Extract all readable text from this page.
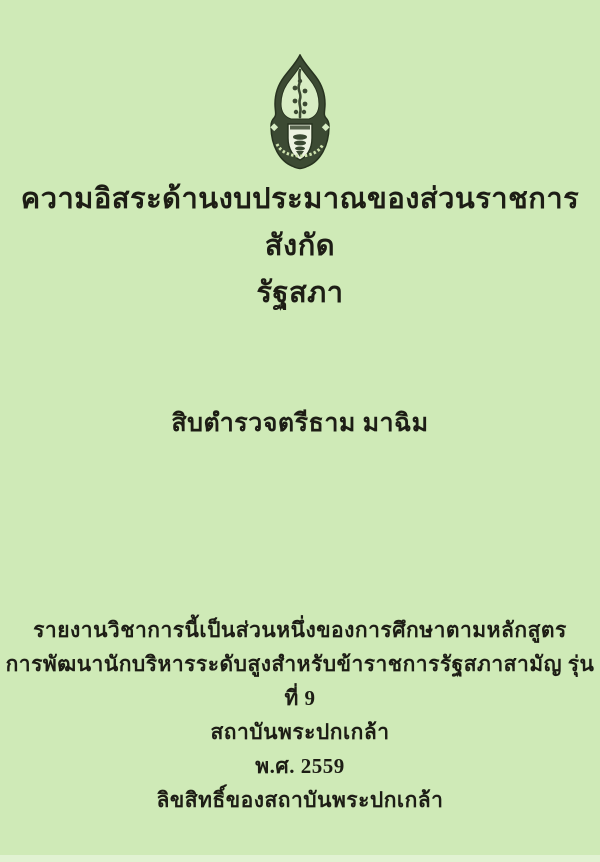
ความอิสระด้านงบประมาณของส่วนราชการสังกัด
รัฐสภา
สิบตำรวจตรีธาม มาฉิม
รายงานวิชาการนี้เป็นส่วนหนึ่งของการศึกษาตามหลักสูตร
การพัฒนานักบริหารระดับสูงสำหรับข้าราชการรัฐสภาสามัญ รุ่นที่ 9
สถาบันพระปกเกล้า
พ.ศ. 2559
ลิขสิทธิ์ของสถาบันพระปกเกล้า
